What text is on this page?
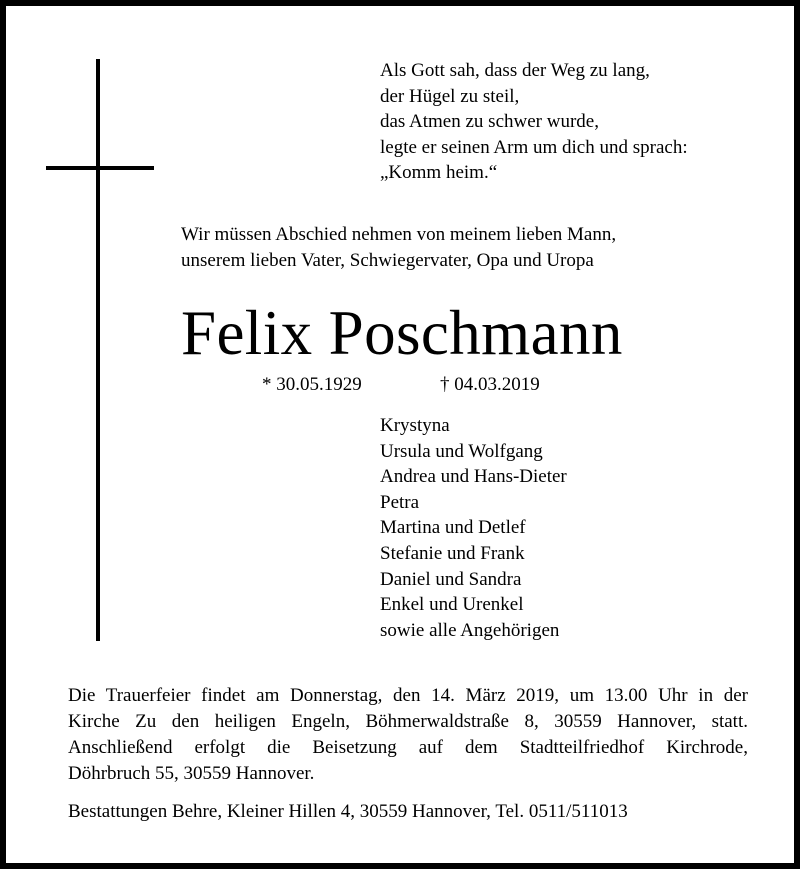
Als Gott sah, dass der Weg zu lang,
der Hügel zu steil,
das Atmen zu schwer wurde,
legte er seinen Arm um dich und sprach:
„Komm heim.“
Wir müssen Abschied nehmen von meinem lieben Mann,
unserem lieben Vater, Schwiegervater, Opa und Uropa
Felix Poschmann
* 30.05.1929	† 04.03.2019
Krystyna
Ursula und Wolfgang
Andrea und Hans-Dieter
Petra
Martina und Detlef
Stefanie und Frank
Daniel und Sandra
Enkel und Urenkel
sowie alle Angehörigen
Die Trauerfeier findet am Donnerstag, den 14. März 2019, um 13.00 Uhr in der
Kirche Zu den heiligen Engeln, Böhmerwaldstraße 8, 30559 Hannover, statt.
Anschließend erfolgt die Beisetzung auf dem Stadtteilfriedhof Kirchrode,
Döhrbruch 55, 30559 Hannover.
Bestattungen Behre, Kleiner Hillen 4, 30559 Hannover, Tel. 0511/511013
